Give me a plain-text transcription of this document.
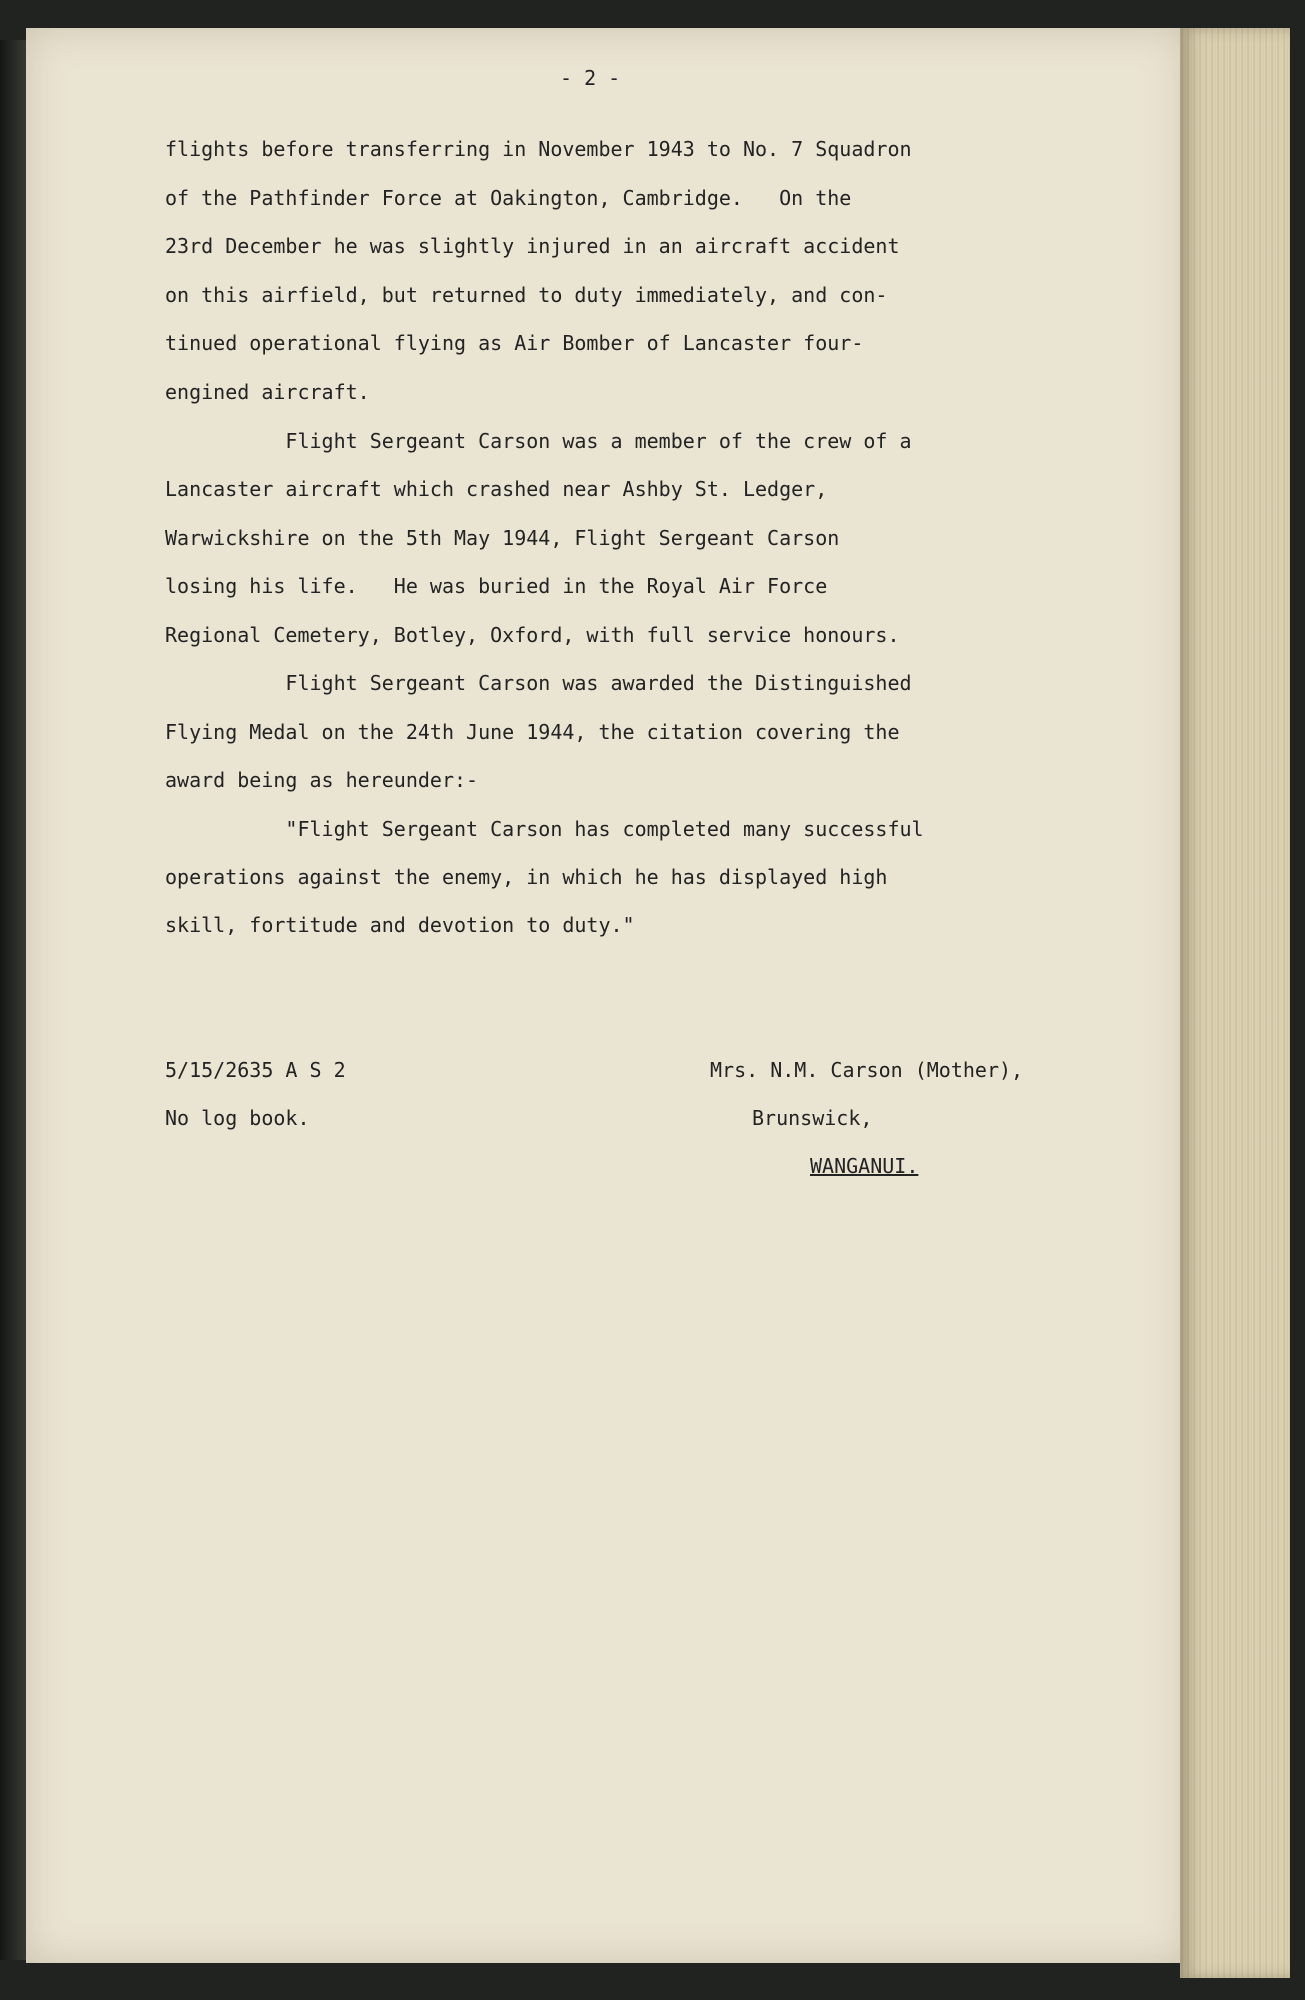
- 2 -
flights before transferring in November 1943 to No. 7 Squadron
of the Pathfinder Force at Oakington, Cambridge.   On the
23rd December he was slightly injured in an aircraft accident
on this airfield, but returned to duty immediately, and con-
tinued operational flying as Air Bomber of Lancaster four-
engined aircraft.
Flight Sergeant Carson was a member of the crew of a
Lancaster aircraft which crashed near Ashby St. Ledger,
Warwickshire on the 5th May 1944, Flight Sergeant Carson
losing his life.   He was buried in the Royal Air Force
Regional Cemetery, Botley, Oxford, with full service honours.
Flight Sergeant Carson was awarded the Distinguished
Flying Medal on the 24th June 1944, the citation covering the
award being as hereunder:-
"Flight Sergeant Carson has completed many successful
operations against the enemy, in which he has displayed high
skill, fortitude and devotion to duty."
5/15/2635 A S 2
No log book.
Mrs. N.M. Carson (Mother),
Brunswick,
WANGANUI.
